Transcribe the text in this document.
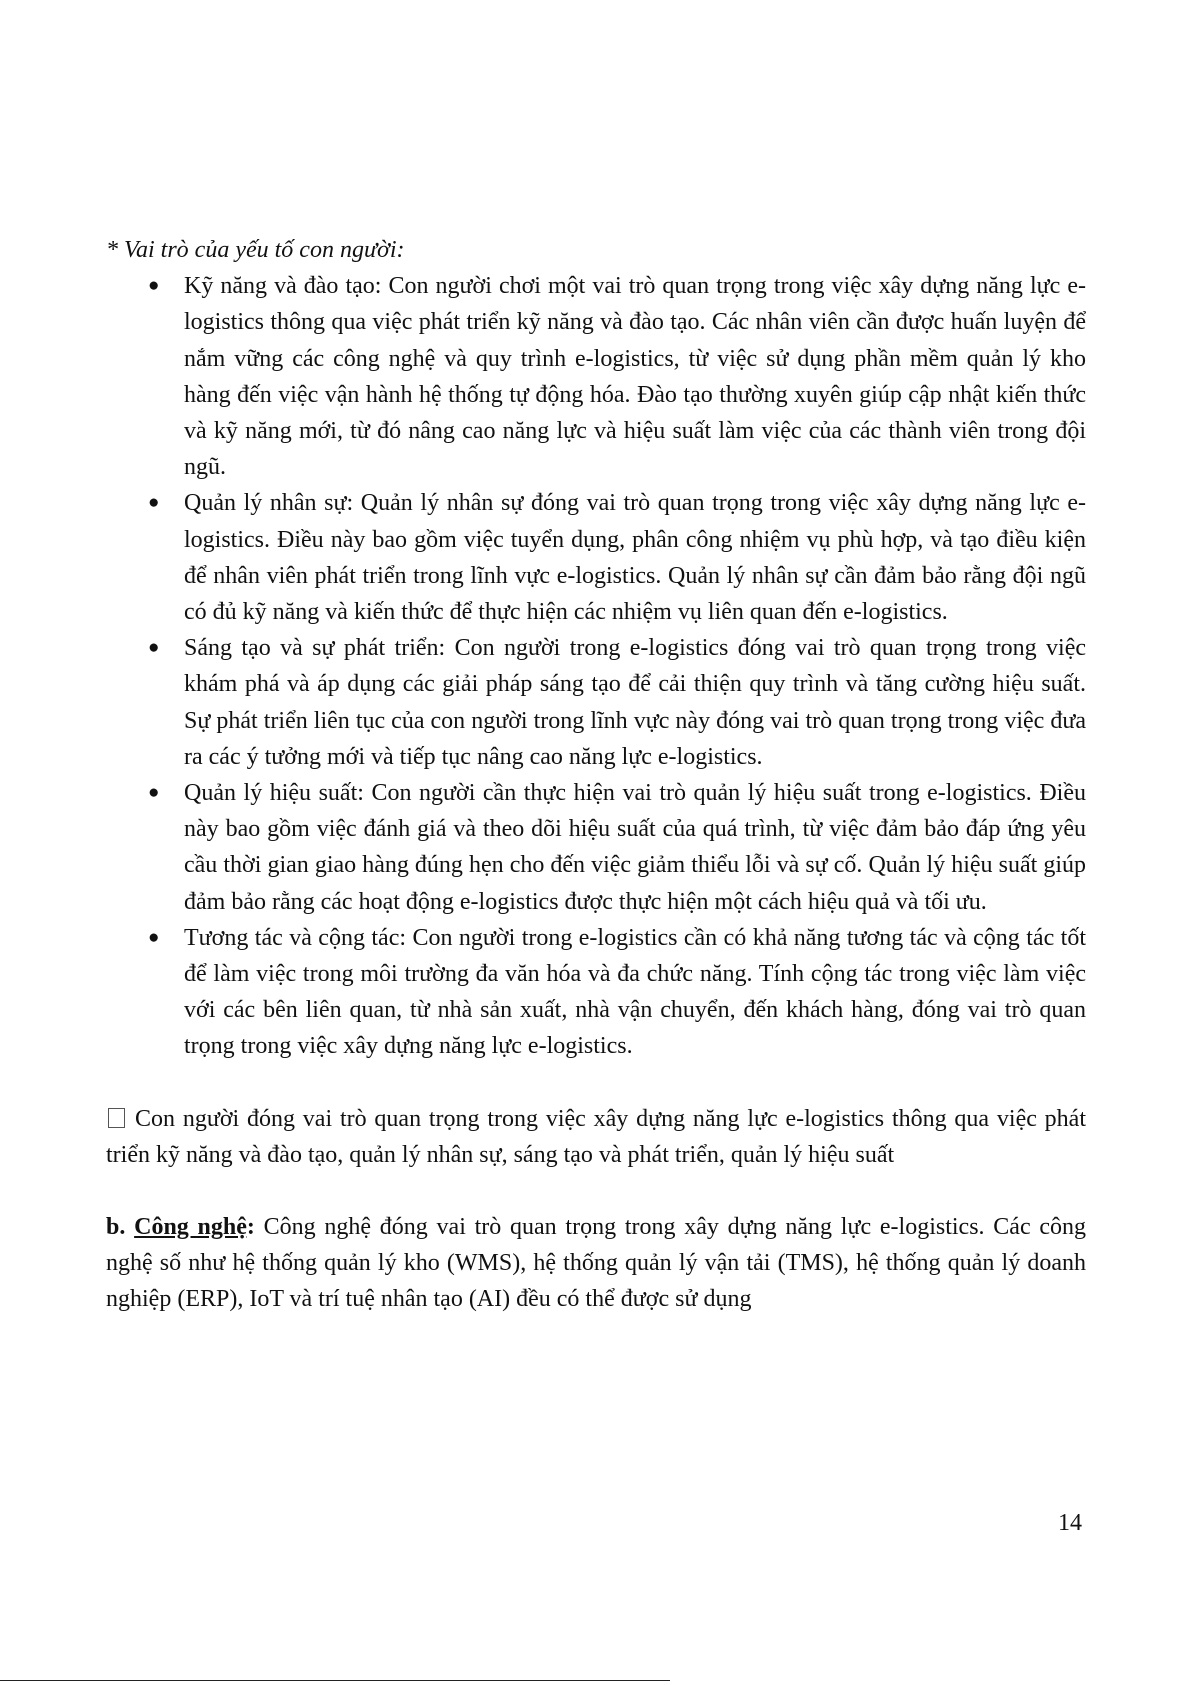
* Vai trò của yếu tố con người:

● Kỹ năng và đào tạo: Con người chơi một vai trò quan trọng trong việc xây dựng năng lực e-logistics thông qua việc phát triển kỹ năng và đào tạo. Các nhân viên cần được huấn luyện để nắm vững các công nghệ và quy trình e-logistics, từ việc sử dụng phần mềm quản lý kho hàng đến việc vận hành hệ thống tự động hóa. Đào tạo thường xuyên giúp cập nhật kiến thức và kỹ năng mới, từ đó nâng cao năng lực và hiệu suất làm việc của các thành viên trong đội ngũ.
● Quản lý nhân sự: Quản lý nhân sự đóng vai trò quan trọng trong việc xây dựng năng lực e-logistics. Điều này bao gồm việc tuyển dụng, phân công nhiệm vụ phù hợp, và tạo điều kiện để nhân viên phát triển trong lĩnh vực e-logistics. Quản lý nhân sự cần đảm bảo rằng đội ngũ có đủ kỹ năng và kiến thức để thực hiện các nhiệm vụ liên quan đến e-logistics.
● Sáng tạo và sự phát triển: Con người trong e-logistics đóng vai trò quan trọng trong việc khám phá và áp dụng các giải pháp sáng tạo để cải thiện quy trình và tăng cường hiệu suất. Sự phát triển liên tục của con người trong lĩnh vực này đóng vai trò quan trọng trong việc đưa ra các ý tưởng mới và tiếp tục nâng cao năng lực e-logistics.
● Quản lý hiệu suất: Con người cần thực hiện vai trò quản lý hiệu suất trong e-logistics. Điều này bao gồm việc đánh giá và theo dõi hiệu suất của quá trình, từ việc đảm bảo đáp ứng yêu cầu thời gian giao hàng đúng hẹn cho đến việc giảm thiểu lỗi và sự cố. Quản lý hiệu suất giúp đảm bảo rằng các hoạt động e-logistics được thực hiện một cách hiệu quả và tối ưu.
● Tương tác và cộng tác: Con người trong e-logistics cần có khả năng tương tác và cộng tác tốt để làm việc trong môi trường đa văn hóa và đa chức năng. Tính cộng tác trong việc làm việc với các bên liên quan, từ nhà sản xuất, nhà vận chuyển, đến khách hàng, đóng vai trò quan trọng trong việc xây dựng năng lực e-logistics.

Con người đóng vai trò quan trọng trong việc xây dựng năng lực e-logistics thông qua việc phát triển kỹ năng và đào tạo, quản lý nhân sự, sáng tạo và phát triển, quản lý hiệu suất

b. Công nghệ: Công nghệ đóng vai trò quan trọng trong xây dựng năng lực e-logistics. Các công nghệ số như hệ thống quản lý kho (WMS), hệ thống quản lý vận tải (TMS), hệ thống quản lý doanh nghiệp (ERP), IoT và trí tuệ nhân tạo (AI) đều có thể được sử dụng

14
